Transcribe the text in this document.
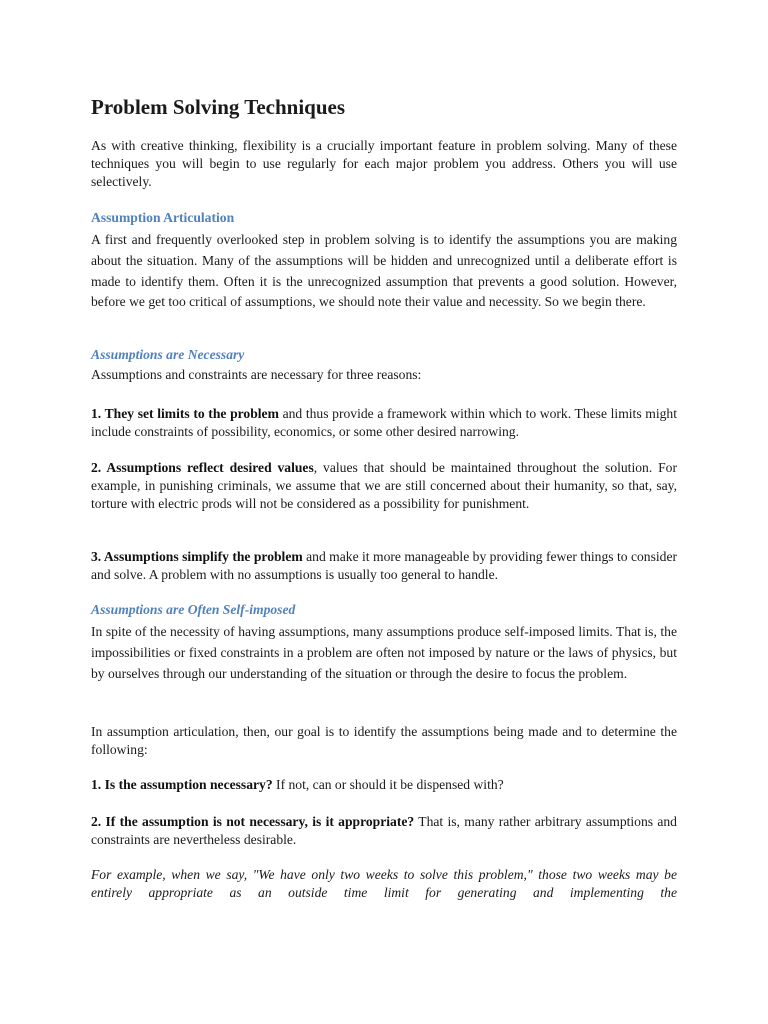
Problem Solving Techniques

As with creative thinking, flexibility is a crucially important feature in problem solving. Many of these techniques you will begin to use regularly for each major problem you address. Others you will use selectively.

Assumption Articulation

A first and frequently overlooked step in problem solving is to identify the assumptions you are making about the situation. Many of the assumptions will be hidden and unrecognized until a deliberate effort is made to identify them. Often it is the unrecognized assumption that prevents a good solution. However, before we get too critical of assumptions, we should note their value and necessity. So we begin there.

Assumptions are Necessary

Assumptions and constraints are necessary for three reasons:

1. They set limits to the problem and thus provide a framework within which to work. These limits might include constraints of possibility, economics, or some other desired narrowing.

2. Assumptions reflect desired values, values that should be maintained throughout the solution. For example, in punishing criminals, we assume that we are still concerned about their humanity, so that, say, torture with electric prods will not be considered as a possibility for punishment.

3. Assumptions simplify the problem and make it more manageable by providing fewer things to consider and solve. A problem with no assumptions is usually too general to handle.

Assumptions are Often Self-imposed

In spite of the necessity of having assumptions, many assumptions produce self-imposed limits. That is, the impossibilities or fixed constraints in a problem are often not imposed by nature or the laws of physics, but by ourselves through our understanding of the situation or through the desire to focus the problem.

In assumption articulation, then, our goal is to identify the assumptions being made and to determine the following:

1. Is the assumption necessary? If not, can or should it be dispensed with?

2. If the assumption is not necessary, is it appropriate? That is, many rather arbitrary assumptions and constraints are nevertheless desirable.

For example, when we say, "We have only two weeks to solve this problem," those two weeks may be entirely appropriate as an outside time limit for generating and implementing the
